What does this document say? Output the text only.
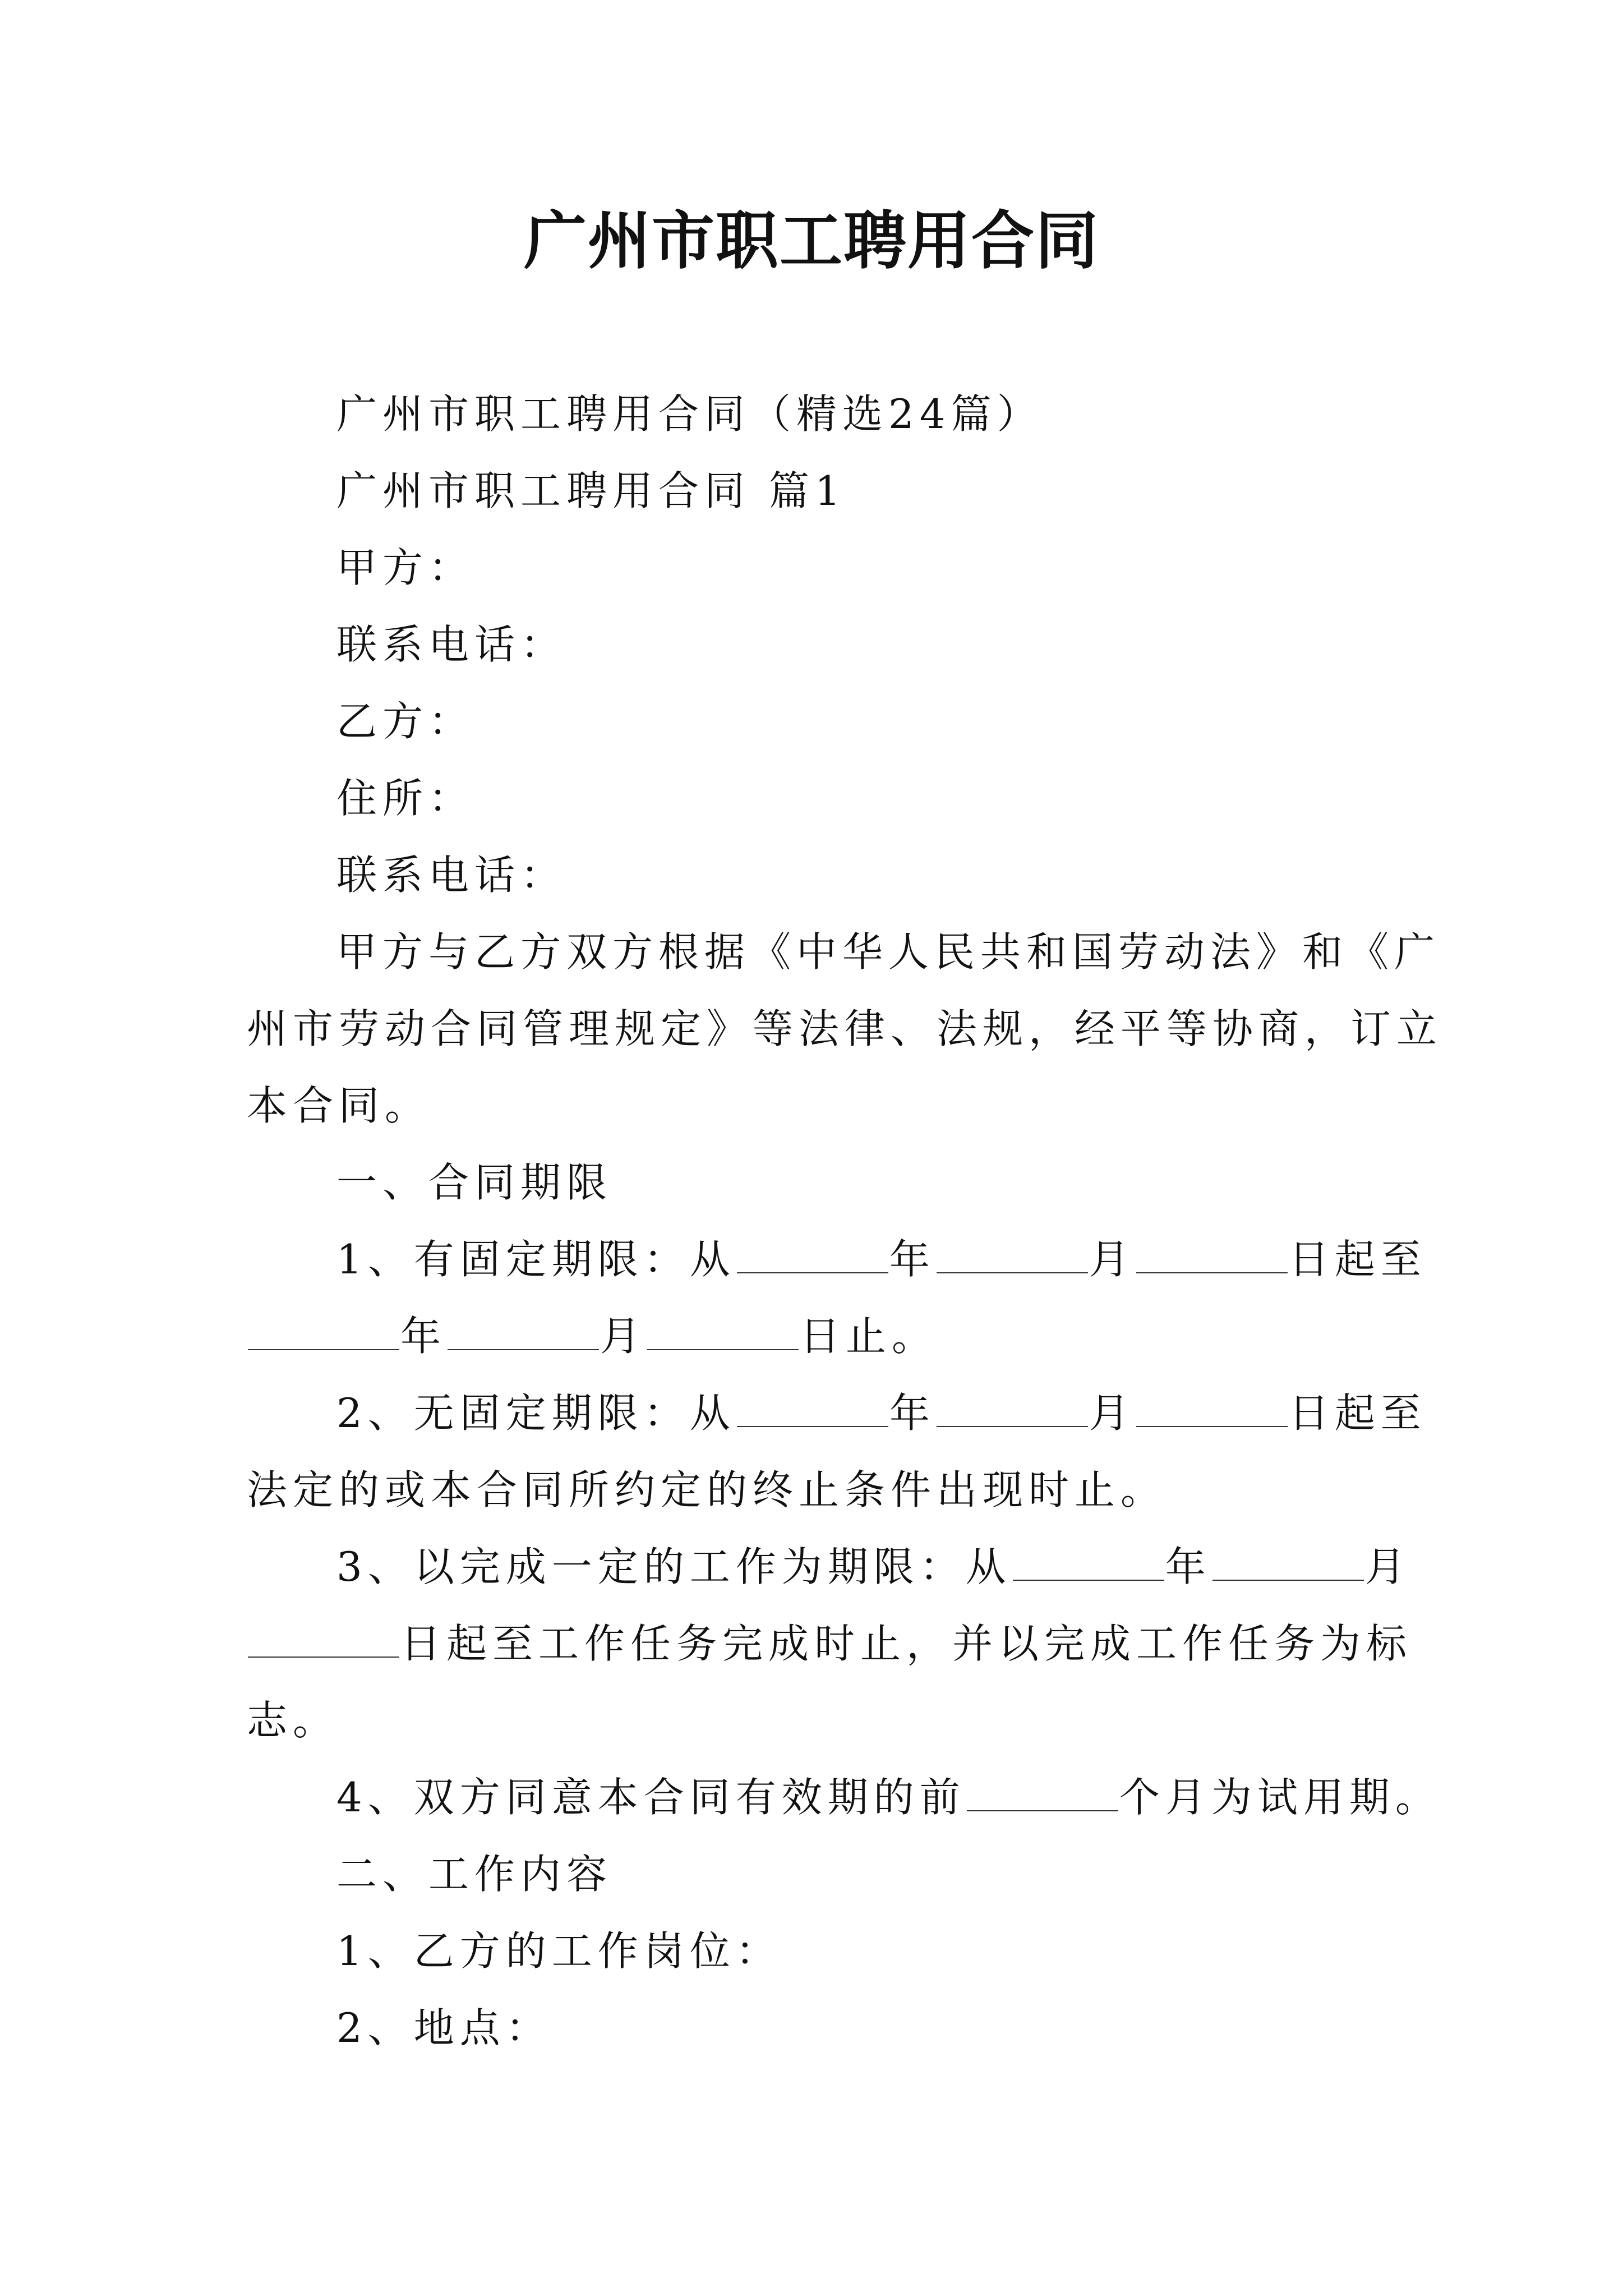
广州市职工聘用合同
广州市职工聘用合同（精选24篇）
广州市职工聘用合同 篇1
甲方：
联系电话：
乙方：
住所：
联系电话：
甲方与乙方双方根据《中华人民共和国劳动法》和《广
州市劳动合同管理规定》等法律、法规，经平等协商，订立
本合同。
一、合同期限
1、有固定期限：从	年	月	日起至
年	月	日止。
2、无固定期限：从	年	月	日起至
法定的或本合同所约定的终止条件出现时止。
3、以完成一定的工作为期限：从	年	月
日起至工作任务完成时止，并以完成工作任务为标
志。
4、双方同意本合同有效期的前	个月为试用期。
二、工作内容
1、乙方的工作岗位：
2、地点：
